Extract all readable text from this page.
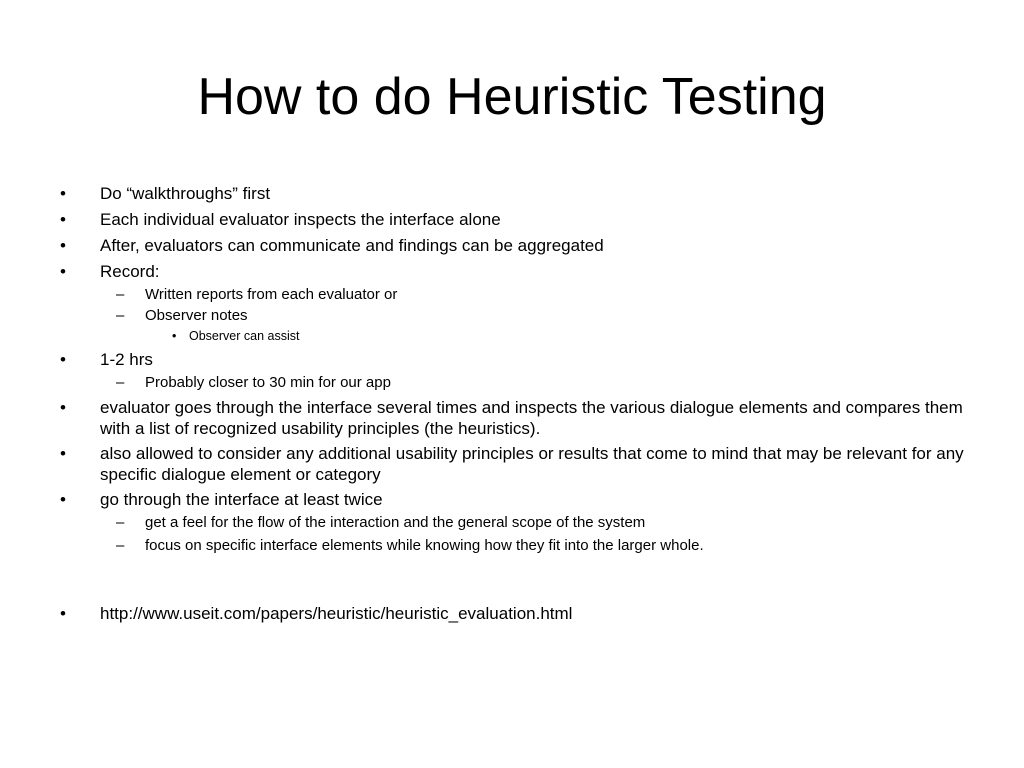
How to do Heuristic Testing
• Do “walkthroughs” first
• Each individual evaluator inspects the interface alone
• After, evaluators can communicate and findings can be aggregated
• Record:
– Written reports from each evaluator or
– Observer notes
• Observer can assist
• 1-2 hrs
– Probably closer to 30 min for our app
• evaluator goes through the interface several times and inspects the various dialogue elements and compares them with a list of recognized usability principles (the heuristics).
• also allowed to consider any additional usability principles or results that come to mind that may be relevant for any specific dialogue element or category
• go through the interface at least twice
– get a feel for the flow of the interaction and the general scope of the system
– focus on specific interface elements while knowing how they fit into the larger whole.
• http://www.useit.com/papers/heuristic/heuristic_evaluation.html
